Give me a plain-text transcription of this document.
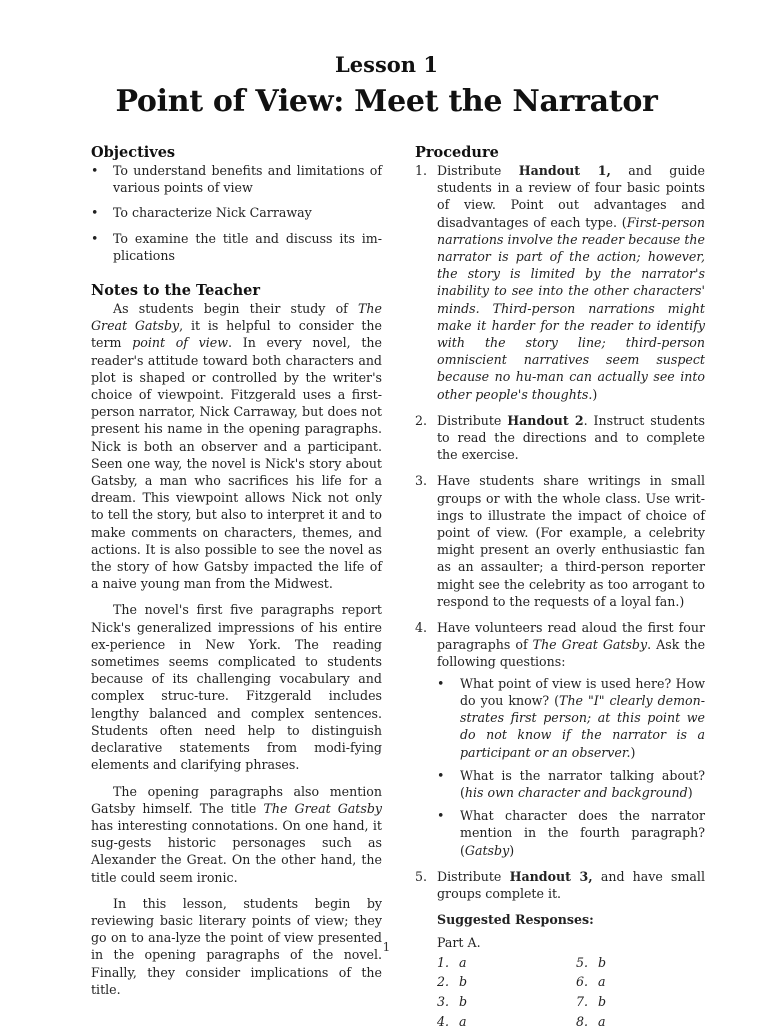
Lesson 1
Point of View: Meet the Narrator
Objectives
• To understand benefits and limitations of various points of view
• To characterize Nick Carraway
• To examine the title and discuss its im-plications
Notes to the Teacher

As students begin their study of The Great Gatsby, it is helpful to consider the term point of view. In every novel, the reader's attitude toward both characters and plot is shaped or controlled by the writer's choice of viewpoint. Fitzgerald uses a first-person narrator, Nick Carraway, but does not present his name in the opening paragraphs. Nick is both an observer and a participant. Seen one way, the novel is Nick's story about Gatsby, a man who sacrifices his life for a dream. This viewpoint allows Nick not only to tell the story, but also to interpret it and to make comments on characters, themes, and actions. It is also possible to see the novel as the story of how Gatsby impacted the life of a naive young man from the Midwest.

The novel's first five paragraphs report Nick's generalized impressions of his entire ex-perience in New York. The reading sometimes seems complicated to students because of its challenging vocabulary and complex struc-ture. Fitzgerald includes lengthy balanced and complex sentences. Students often need help to distinguish declarative statements from modi-fying elements and clarifying phrases.

The opening paragraphs also mention Gatsby himself. The title The Great Gatsby has interesting connotations. On one hand, it sug-gests historic personages such as Alexander the Great. On the other hand, the title could seem ironic.

In this lesson, students begin by reviewing basic literary points of view; they go on to ana-lyze the point of view presented in the opening paragraphs of the novel. Finally, they consider implications of the title.

Procedure
1. Distribute Handout 1, and guide students in a review of four basic points of view. Point out advantages and disadvantages of each type. (First-person narrations involve the reader because the narrator is part of the action; however, the story is limited by the narrator's inability to see into the other characters' minds. Third-person narrations might make it harder for the reader to identify with the story line; third-person omniscient narratives seem suspect because no hu-man can actually see into other people's thoughts.)
2. Distribute Handout 2. Instruct students to read the directions and to complete the exercise.
3. Have students share writings in small groups or with the whole class. Use writ-ings to illustrate the impact of choice of point of view. (For example, a celebrity might present an overly enthusiastic fan as an assaulter; a third-person reporter might see the celebrity as too arrogant to respond to the requests of a loyal fan.)
4. Have volunteers read aloud the first four paragraphs of The Great Gatsby. Ask the following questions:
• What point of view is used here? How do you know? (The "I" clearly demon-strates first person; at this point we do not know if the narrator is a participant or an observer.)
• What is the narrator talking about? (his own character and background)
• What character does the narrator mention in the fourth paragraph? (Gatsby)
5. Distribute Handout 3, and have small groups complete it.
Suggested Responses:
Part A.
1. a	5. b
2. b	6. a
3. b	7. b
4. a	8. a
1
